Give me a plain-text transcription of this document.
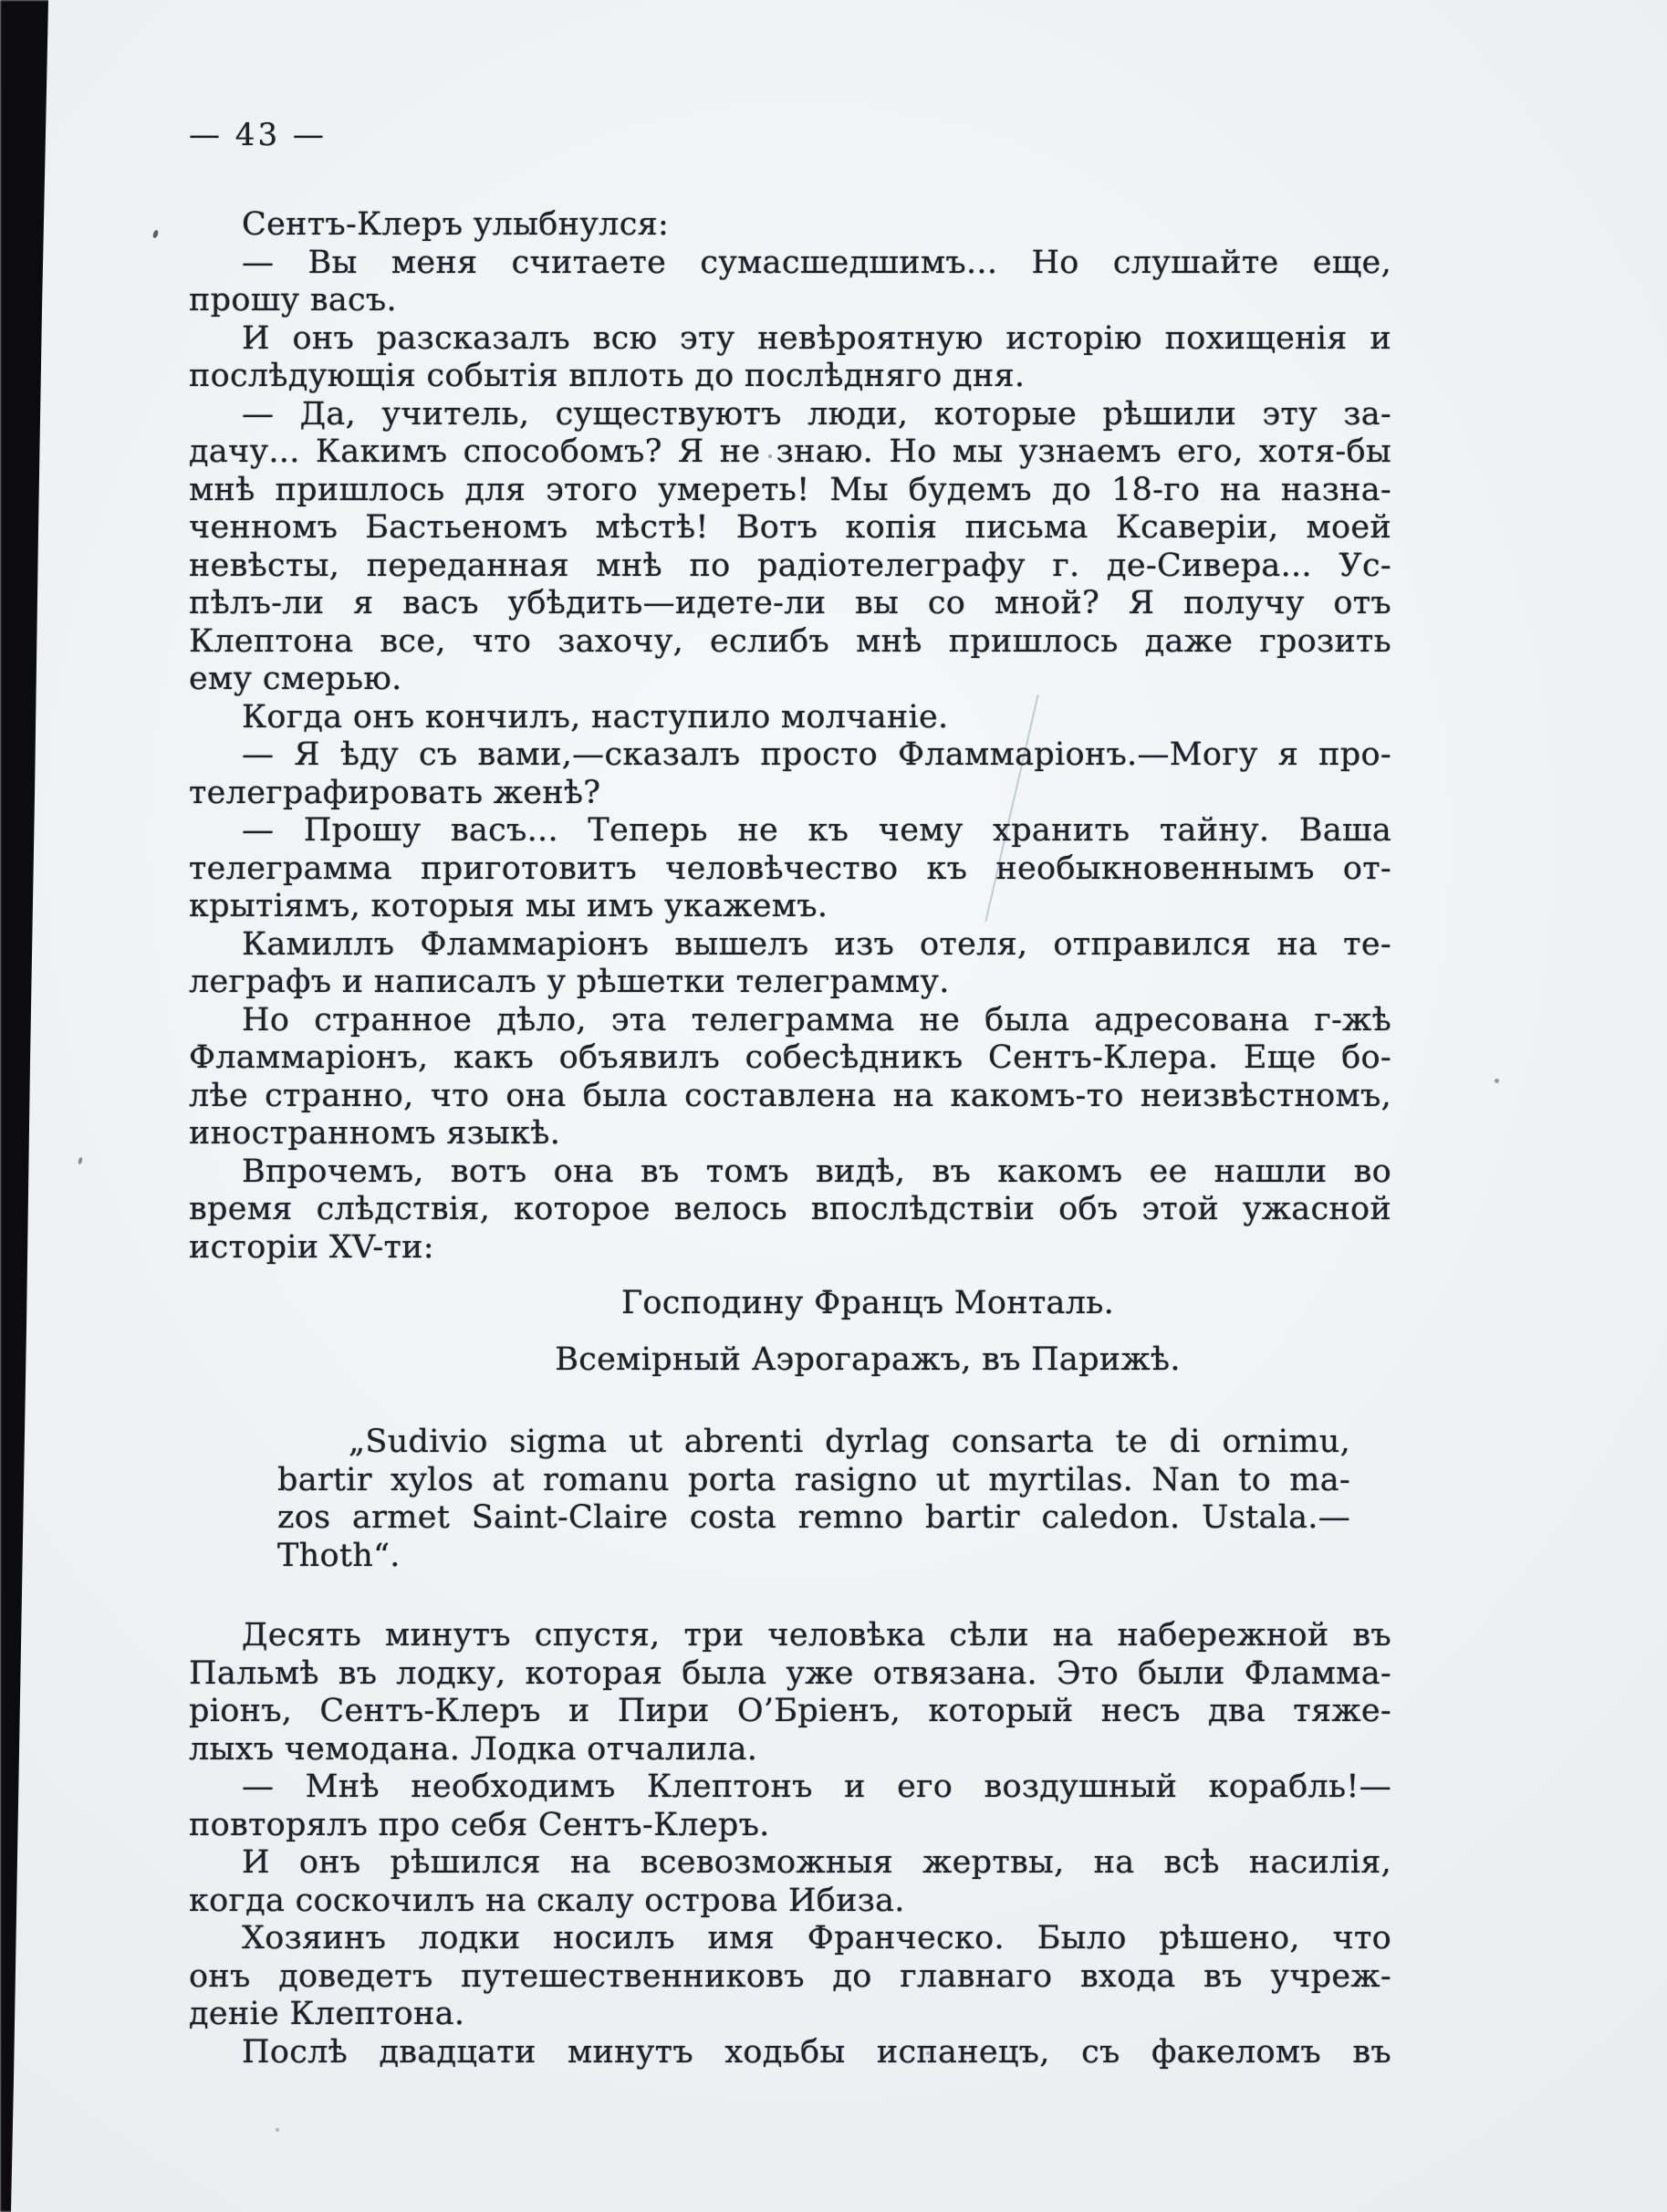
— 43 —
Сентъ-Клеръ улыбнулся:
— Вы меня считаете сумасшедшимъ... Но слушайте еще,
прошу васъ.
И онъ разсказалъ всю эту невѣроятную исторію похищенія и
послѣдующія событія вплоть до послѣдняго дня.
— Да, учитель, существуютъ люди, которые рѣшили эту за-
дачу... Какимъ способомъ? Я не знаю. Но мы узнаемъ его, хотя-бы
мнѣ пришлось для этого умереть! Мы будемъ до 18-го на назна-
ченномъ Бастьеномъ мѣстѣ! Вотъ копія письма Ксаверіи, моей
невѣсты, переданная мнѣ по радіотелеграфу г. де-Сивера... Ус-
пѣлъ-ли я васъ убѣдить—идете-ли вы со мной? Я получу отъ
Клептона все, что захочу, еслибъ мнѣ пришлось даже грозить
ему смерью.
Когда онъ кончилъ, наступило молчаніе.
— Я ѣду съ вами,—сказалъ просто Фламмаріонъ.—Могу я про-
телеграфировать женѣ?
— Прошу васъ... Теперь не къ чему хранить тайну. Ваша
телеграмма приготовитъ человѣчество къ необыкновеннымъ от-
крытіямъ, которыя мы имъ укажемъ.
Камиллъ Фламмаріонъ вышелъ изъ отеля, отправился на те-
леграфъ и написалъ у рѣшетки телеграмму.
Но странное дѣло, эта телеграмма не была адресована г-жѣ
Фламмаріонъ, какъ объявилъ собесѣдникъ Сентъ-Клера. Еще бо-
лѣе странно, что она была составлена на какомъ-то неизвѣстномъ,
иностранномъ языкѣ.
Впрочемъ, вотъ она въ томъ видѣ, въ какомъ ее нашли во
время слѣдствія, которое велось впослѣдствіи объ этой ужасной
исторіи XV-ти:
Господину Францъ Монталь.
Всемірный Аэрогаражъ, въ Парижѣ.
„Sudivio sigma ut abrenti dyrlag consarta te di ornimu,
bartir xylos at romanu porta rasigno ut myrtilas. Nan to ma-
zos armet Saint-Claire costa remno bartir caledon. Ustala.—
Thoth“.
Десять минутъ спустя, три человѣка сѣли на набережной въ
Пальмѣ въ лодку, которая была уже отвязана. Это были Фламма-
ріонъ, Сентъ-Клеръ и Пири О’Бріенъ, который несъ два тяже-
лыхъ чемодана. Лодка отчалила.
— Мнѣ необходимъ Клептонъ и его воздушный корабль!—
повторялъ про себя Сентъ-Клеръ.
И онъ рѣшился на всевозможныя жертвы, на всѣ насилія,
когда соскочилъ на скалу острова Ибиза.
Хозяинъ лодки носилъ имя Франческо. Было рѣшено, что
онъ доведетъ путешественниковъ до главнаго входа въ учреж-
деніе Клептона.
Послѣ двадцати минутъ ходьбы испанецъ, съ факеломъ въ
